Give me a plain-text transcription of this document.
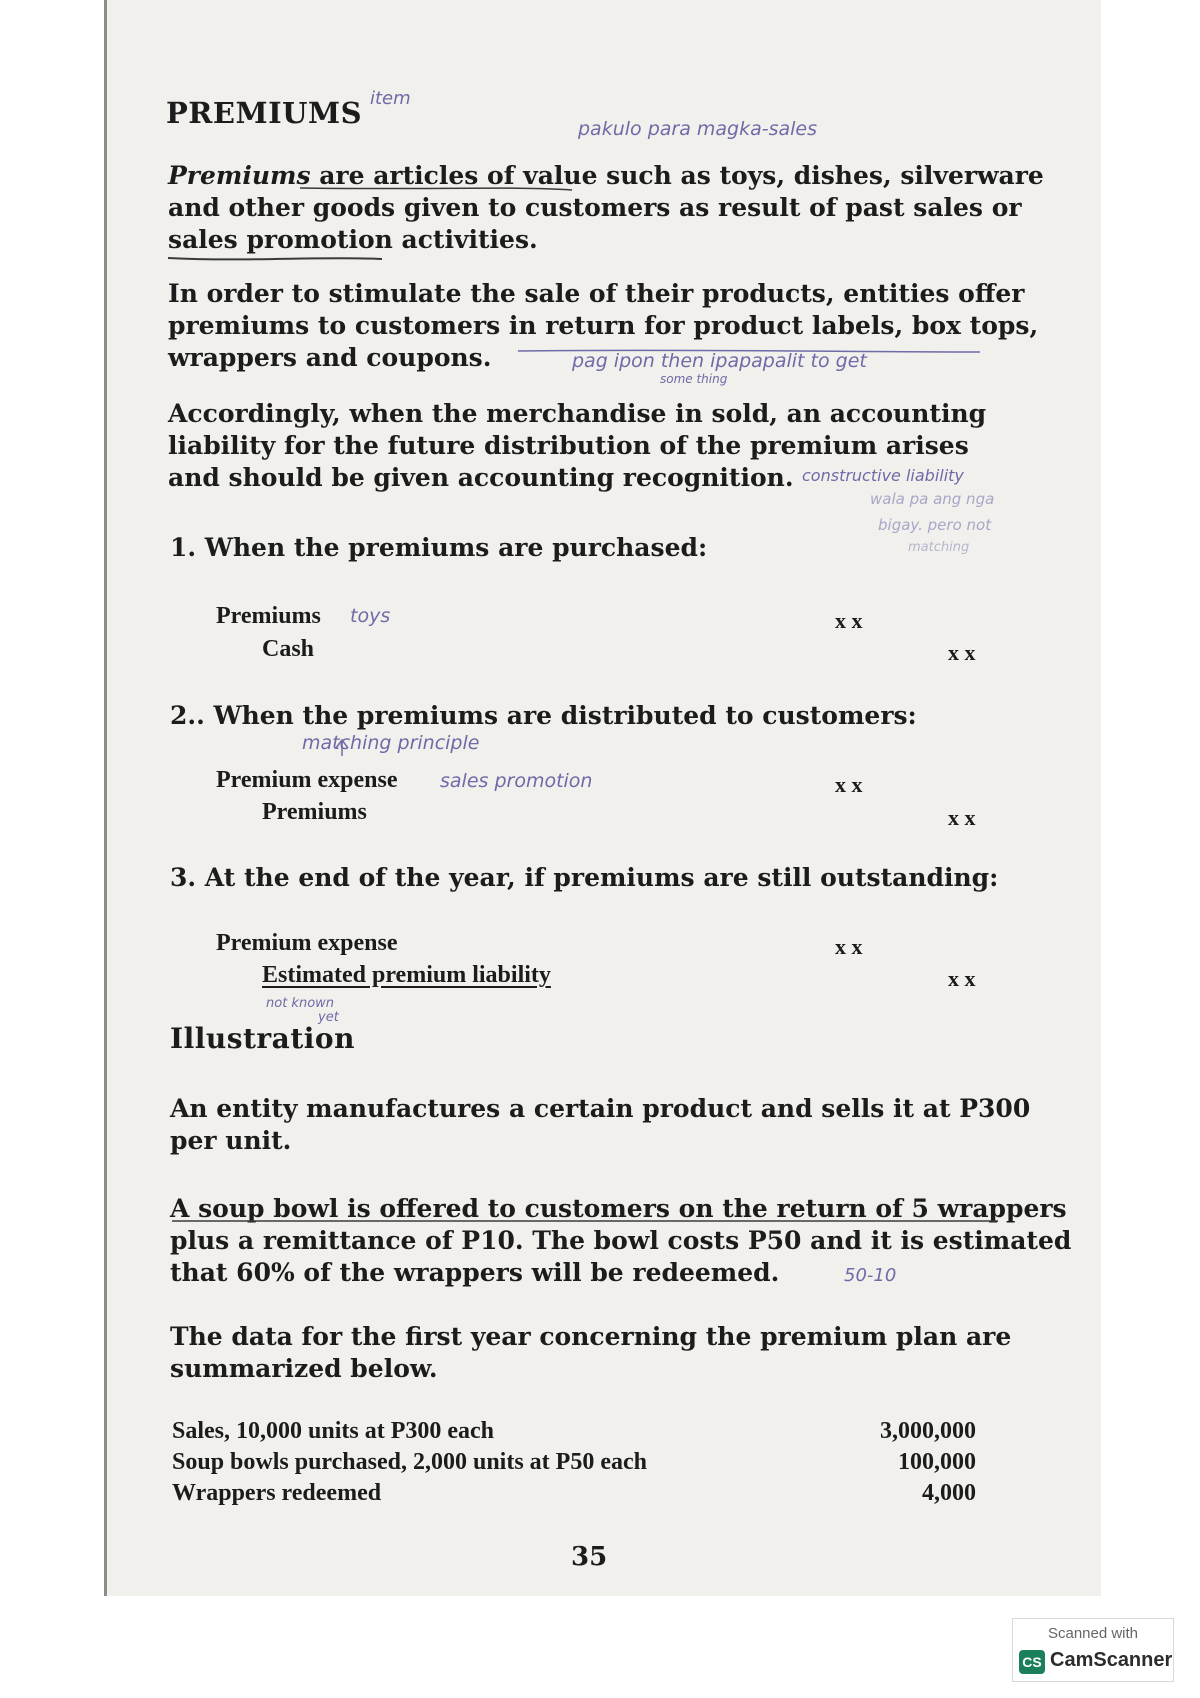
PREMIUMS item
pakulo para magka-sales
Premiums are articles of value such as toys, dishes, silverware
and other goods given to customers as result of past sales or
sales promotion activities.
In order to stimulate the sale of their products, entities offer
premiums to customers in return for product labels, box tops,
wrappers and coupons.	pag ipon then ipapapalit to get
some thing
Accordingly, when the merchandise in sold, an accounting
liability for the future distribution of the premium arises
and should be given accounting recognition. constructive liability
wala pa ang nga
bigay. pero not
matching
1. When the premiums are purchased:
Premiums toys	x x
Cash	x x
2.. When the premiums are distributed to customers:
matching principle
Premium expense sales promotion	x x
Premiums	x x
3. At the end of the year, if premiums are still outstanding:
Premium expense	x x
Estimated premium liability	x x
not known
yet
Illustration
An entity manufactures a certain product and sells it at P300
per unit.
A soup bowl is offered to customers on the return of 5 wrappers
plus a remittance of P10. The bowl costs P50 and it is estimated
that 60% of the wrappers will be redeemed.	50-10
The data for the first year concerning the premium plan are
summarized below.
Sales, 10,000 units at P300 each	3,000,000
Soup bowls purchased, 2,000 units at P50 each	100,000
Wrappers redeemed	4,000
35
Scanned with
CS CamScanner
